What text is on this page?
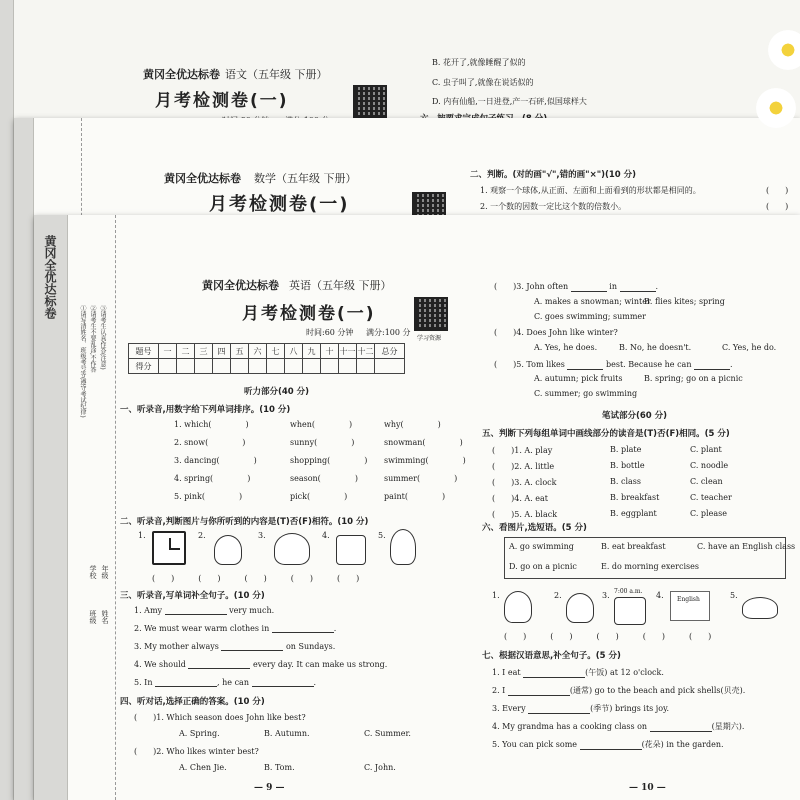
黄冈全优达标卷 语文（五年级 下册）
月考检测卷(一)
B. 花开了,就像睡醒了似的
C. 虫子叫了,就像在说话似的
D. 内有仙船,一日进登,产一石砰,似国球样大
黄冈全优达标卷 数学（五年级 下册）
月考检测卷(一)
二、判断。(对的画"√",错的画"×")(10 分)
1. 观察一个球体,从正面、左面和上面看到的形状都是相同的。
2. 一个数的因数一定比这个数的倍数小。
(　　)
(　　)
黄冈全优达标卷
①请写清姓名、班级考号等(遵守考试纪律) ②请考生不要乱涂,不作答 ③请考生认真作答(注意)
学校 年级
班级 姓名
黄冈全优达标卷 英语（五年级 下册）
月考检测卷(一)
时间:60 分钟 满分:100 分
学习资源
题号	一	二	三	四	五	六	七	八	九	十	十一	十二	总分
得分													
听力部分(40 分)
一、听录音,用数字给下列单词排序。(10 分)
1. which(	)	when(	)	why(	)
2. snow(	)	sunny(	)	snowman(	)
3. dancing(	)	shopping(	) swimming(	)
4. spring(	)	season(	)	summer(	)
5. pink(	)	pick(	)	paint(	)
二、听录音,判断图片与你所听到的内容是(T)否(F)相符。(10 分)
1.	2.	3.	4.	5.
(　　)　　　(　　)　　　(　　)　　　(　　)　　　(　　)
三、听录音,写单词补全句子。(10 分)
1. Amy	very much.
2. We must wear warm clothes in	.
3. My mother always	on Sundays.
4. We should	every day. It can make us strong.
5. In	, he can	.
四、听对话,选择正确的答案。(10 分)
(　　)1. Which season does John like best?
A. Spring.	B. Autumn.	C. Summer.
(　　)2. Who likes winter best?
A. Chen Jie.	B. Tom.	C. John.
— 9 —
(　　)3. John often	in	.
A. makes a snowman; winter
B. flies kites; spring
C. goes swimming; summer
(　　)4. Does John like winter?
A. Yes, he does.	B. No, he doesn't.	C. Yes, he do.
(　　)5. Tom likes	best. Because he can	.
A. autumn; pick fruits	B. spring; go on a picnic
C. summer; go swimming
笔试部分(60 分)
五、判断下列每组单词中画线部分的读音是(T)否(F)相同。(5 分)
(　　)1. A. play	B. plate	C. plant
(　　)2. A. little	B. bottle	C. noodle
(　　)3. A. clock	B. class	C. clean
(　　)4. A. eat	B. breakfast	C. teacher
(　　)5. A. black	B. eggplant	C. please
六、看图片,选短语。(5 分)
A. go swimming	B. eat breakfast	C. have an English class
D. go on a picnic	E. do morning exercises
1.	2.	3. 7:00 a.m. 4. English	5.
(　　)　　　(　　)　　　(　　)　　　(　　)　　　(　　)
七、根据汉语意思,补全句子。(5 分)
1. I eat	(午饭) at 12 o'clock.
2. I	(通常) go to the beach and pick shells(贝壳).
3. Every	(季节) brings its joy.
4. My grandma has a cooking class on	(星期六).
5. You can pick some	(花朵) in the garden.
— 10 —
